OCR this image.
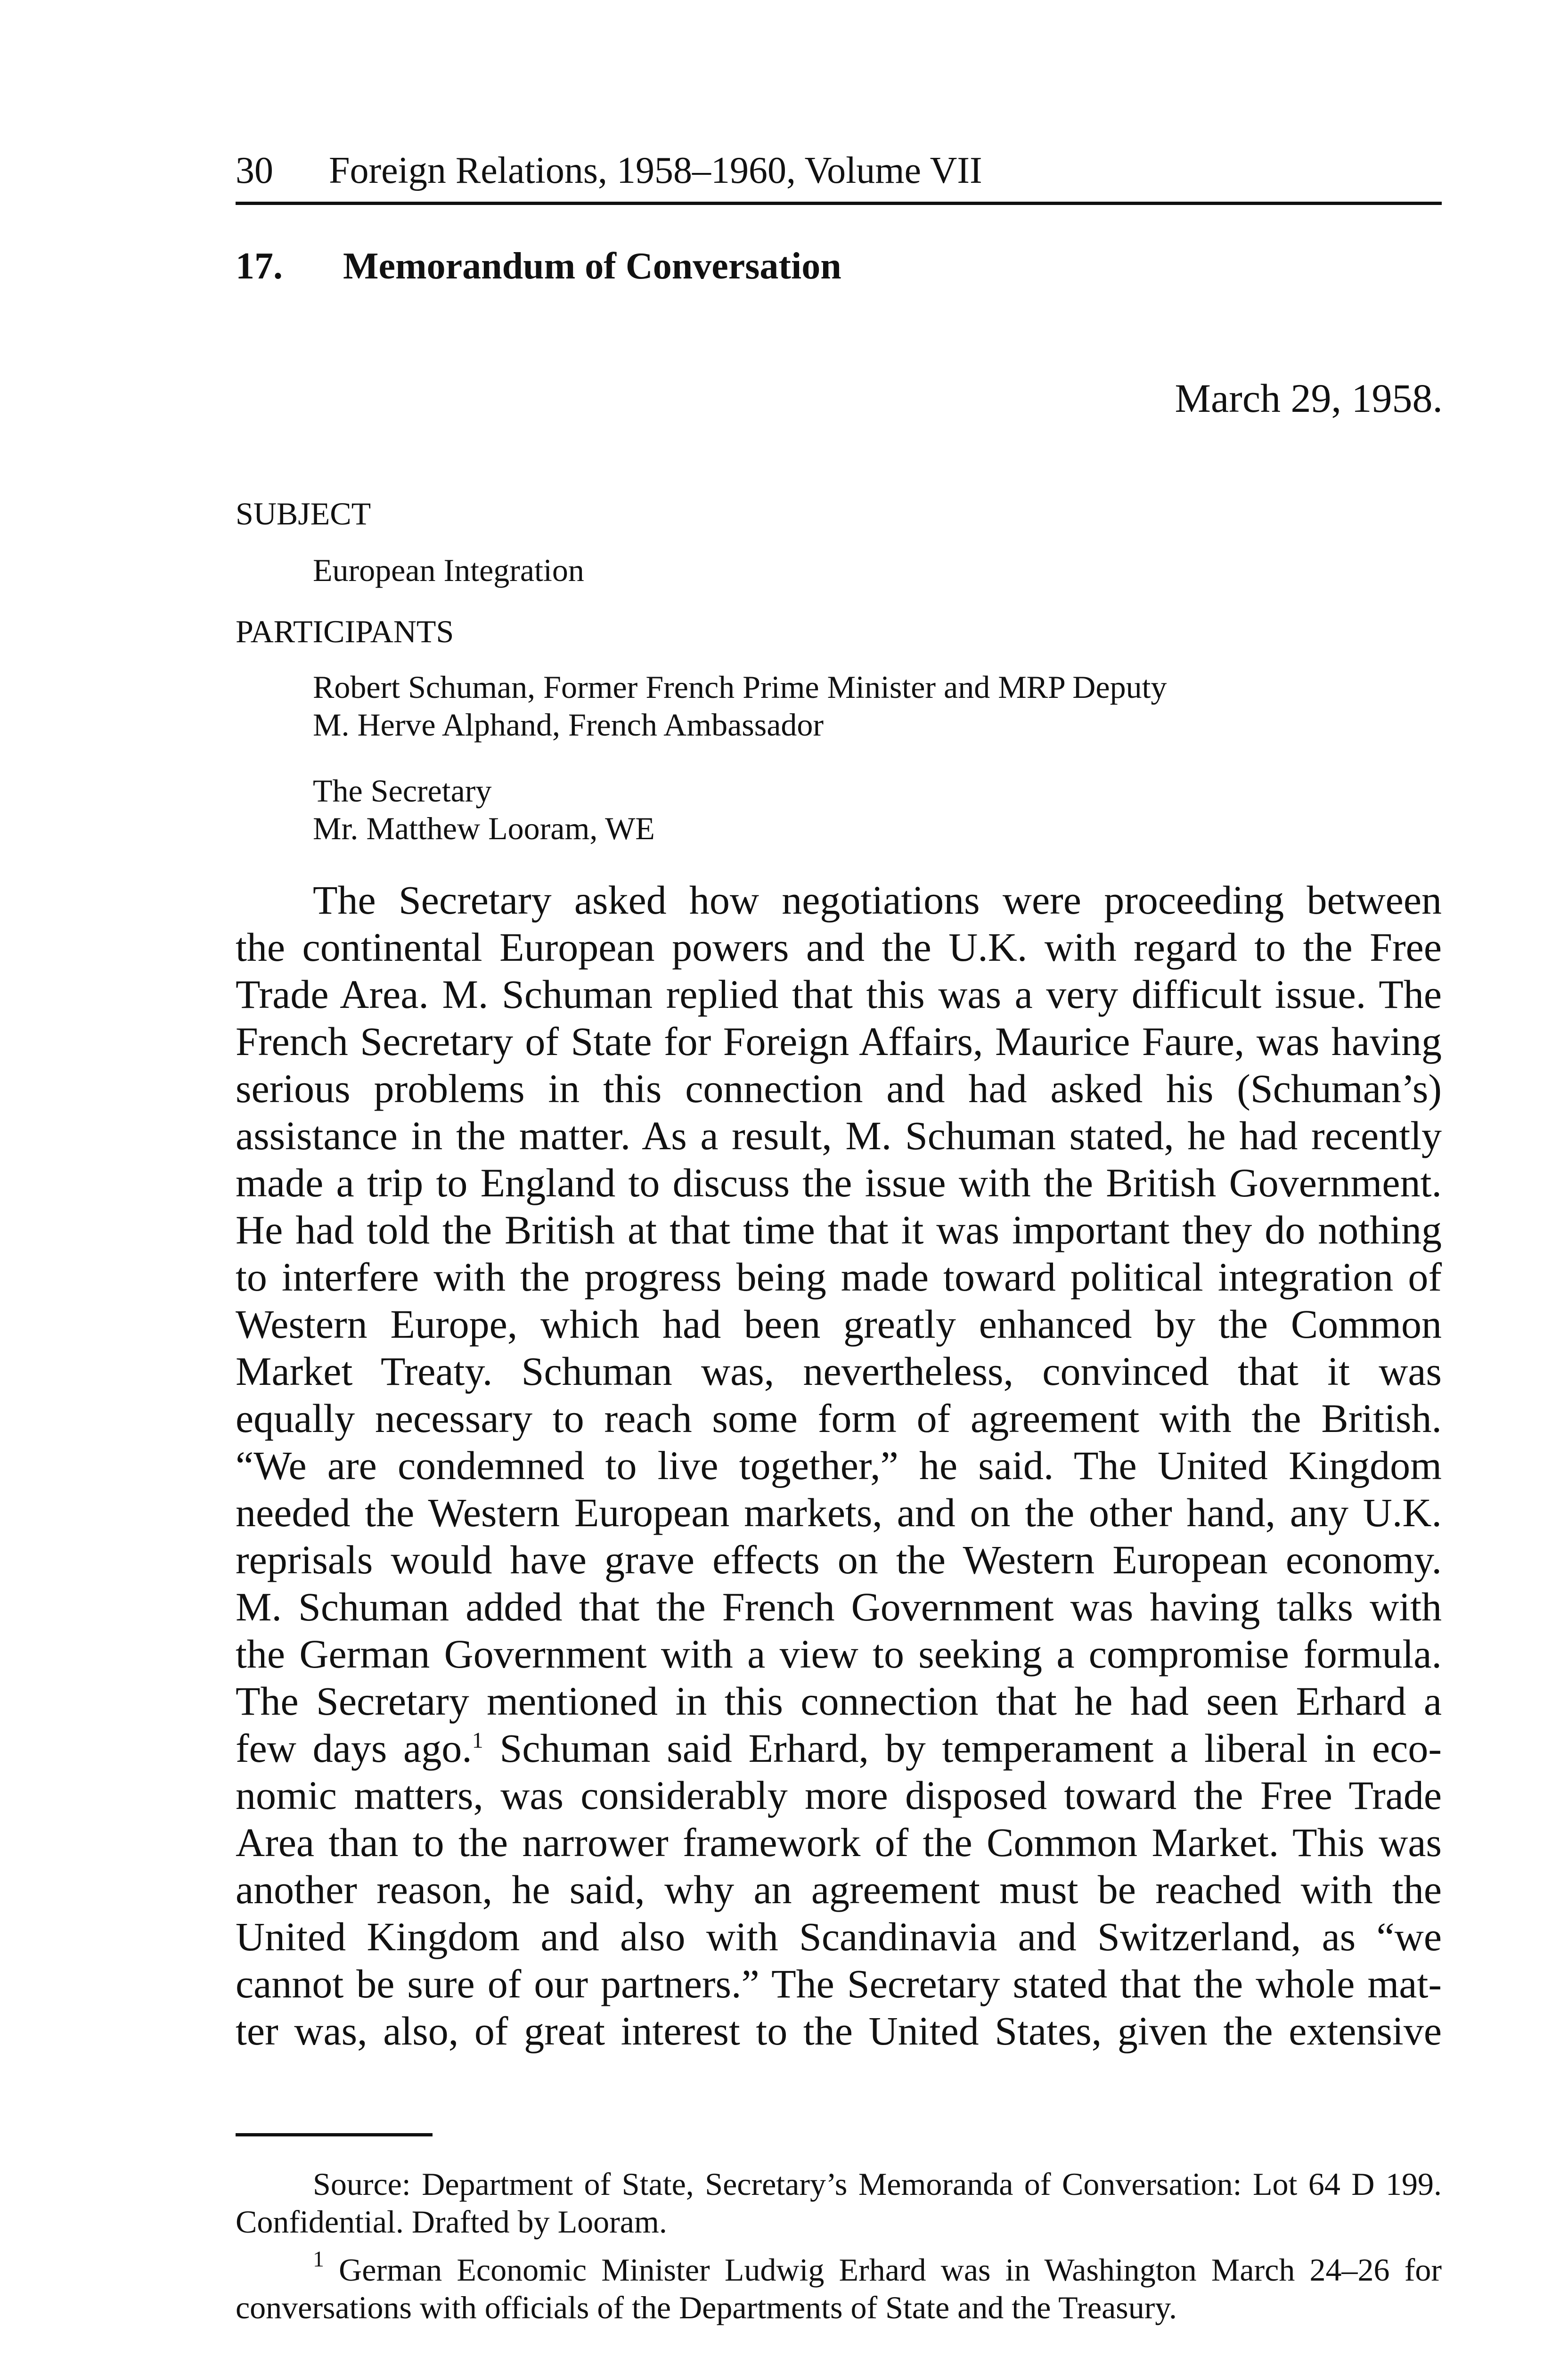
30 Foreign Relations, 1958–1960, Volume VII
17. Memorandum of Conversation
March 29, 1958.
SUBJECT
European Integration
PARTICIPANTS
Robert Schuman, Former French Prime Minister and MRP Deputy
M. Herve Alphand, French Ambassador
The Secretary
Mr. Matthew Looram, WE
The Secretary asked how negotiations were proceeding between
the continental European powers and the U.K. with regard to the Free
Trade Area. M. Schuman replied that this was a very difficult issue. The
French Secretary of State for Foreign Affairs, Maurice Faure, was having
serious problems in this connection and had asked his (Schuman’s)
assistance in the matter. As a result, M. Schuman stated, he had recently
made a trip to England to discuss the issue with the British Government.
He had told the British at that time that it was important they do nothing
to interfere with the progress being made toward political integration of
Western Europe, which had been greatly enhanced by the Common
Market Treaty. Schuman was, nevertheless, convinced that it was
equally necessary to reach some form of agreement with the British.
“We are condemned to live together,” he said. The United Kingdom
needed the Western European markets, and on the other hand, any U.K.
reprisals would have grave effects on the Western European economy.
M. Schuman added that the French Government was having talks with
the German Government with a view to seeking a compromise formula.
The Secretary mentioned in this connection that he had seen Erhard a
few days ago.$^1$ Schuman said Erhard, by temperament a liberal in eco-
nomic matters, was considerably more disposed toward the Free Trade
Area than to the narrower framework of the Common Market. This was
another reason, he said, why an agreement must be reached with the
United Kingdom and also with Scandinavia and Switzerland, as “we
cannot be sure of our partners.” The Secretary stated that the whole mat-
ter was, also, of great interest to the United States, given the extensive
Source: Department of State, Secretary’s Memoranda of Conversation: Lot 64 D 199.
Confidential. Drafted by Looram.
$^1$ German Economic Minister Ludwig Erhard was in Washington March 24–26 for
conversations with officials of the Departments of State and the Treasury.
